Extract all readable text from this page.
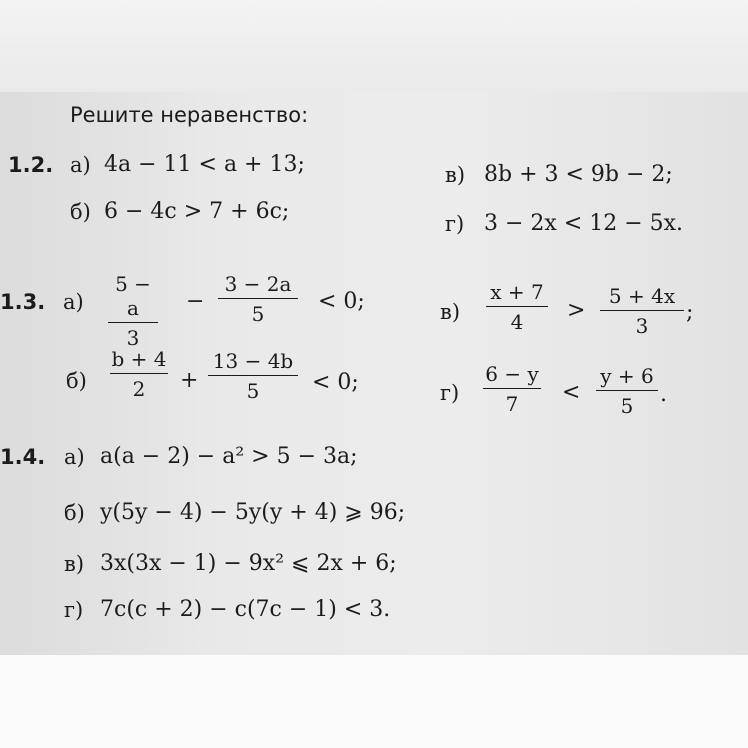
Решите неравенство:
1.2. а) 4a − 11 < a + 13;	в) 8b + 3 < 9b − 2;
б) 6 − 4c > 7 + 6c;	г) 3 − 2x < 12 − 5x.
1.3. а)
5 − a
3
−
3 − 2a
5	< 0;	в)
x + 7
4	>
5 + 4x
3
;
б)
b + 4
2	+
13 − 4b
5	< 0;	г)
6 − y
7	<
y + 6
5	.
1.4. а) a(a − 2) − a² > 5 − 3a;
б) y(5y − 4) − 5y(y + 4) ⩾ 96;
в) 3x(3x − 1) − 9x² ⩽ 2x + 6;
г) 7c(c + 2) − c(7c − 1) < 3.
